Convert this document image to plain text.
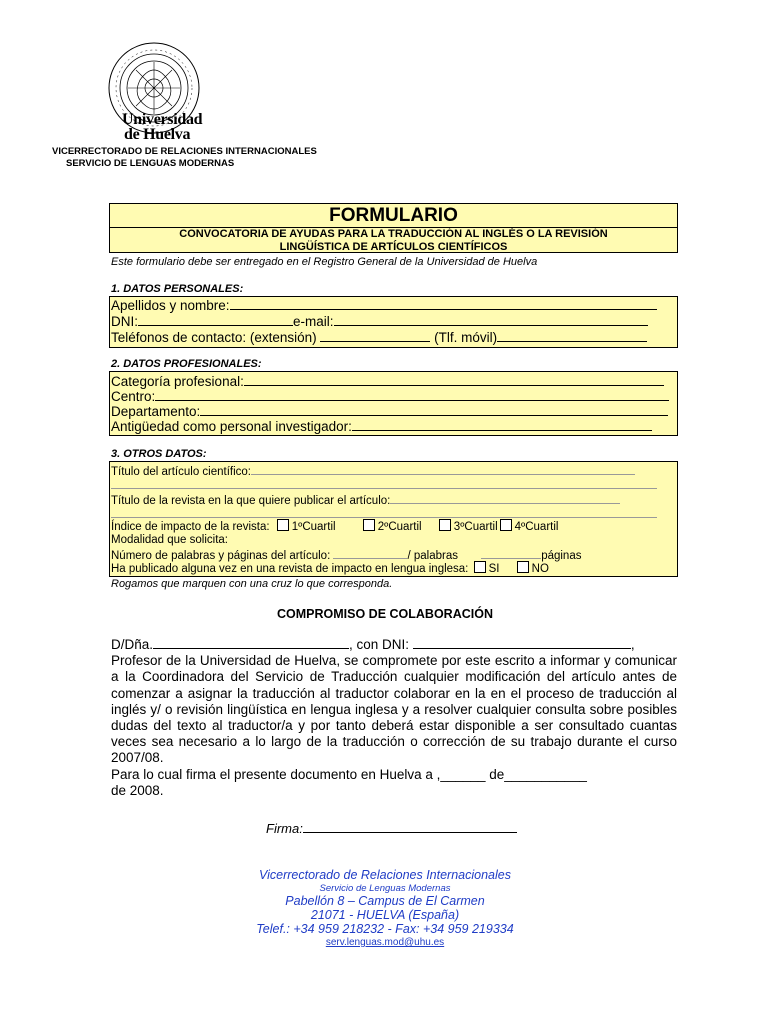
Universidad
de Huelva
VICERRECTORADO DE RELACIONES INTERNACIONALES
SERVICIO DE LENGUAS MODERNAS
FORMULARIO
CONVOCATORIA DE AYUDAS PARA LA TRADUCCIÓN AL INGLÉS O LA REVISIÓN
LINGÜÍSTICA DE ARTÍCULOS CIENTÍFICOS
Este formulario debe ser entregado en el Registro General de la Universidad de Huelva
1. DATOS PERSONALES:
Apellidos y nombre:
DNI:	e-mail:
Teléfonos de contacto: (extensión)	(Tlf. móvil)
2. DATOS PROFESIONALES:
Categoría profesional:
Centro:
Departamento:
Antigüedad como personal investigador:
3. OTROS DATOS:
Título del artículo científico:
Título de la revista en la que quiere publicar el artículo:
Índice de impacto de la revista: 1ºCuartil	2ºCuartil	3ºCuartil 4ºCuartil
Modalidad que solicita:
Número de palabras y páginas del artículo:	/ palabras	páginas
Ha publicado alguna vez en una revista de impacto en lengua inglesa: SI	NO
Rogamos que marquen con una cruz lo que corresponda.
COMPROMISO DE COLABORACIÓN

D/Dña.	, con DNI:	,

Profesor de la Universidad de Huelva, se compromete por este escrito a informar y comunicar a la Coordinadora del Servicio de Traducción cualquier modificación del artículo antes de comenzar a asignar la traducción al traductor colaborar en la en el proceso de traducción al inglés y/ o revisión lingüística en lengua inglesa y a resolver cualquier consulta sobre posibles dudas del texto al traductor/a y por tanto deberá estar disponible a ser consultado cuantas veces sea necesario a lo largo de la traducción o corrección de su trabajo durante el curso 2007/08.

Para lo cual firma el presente documento en Huelva a ,______ de___________

de 2008.

Firma:
Vicerrectorado de Relaciones Internacionales
Servicio de Lenguas Modernas
Pabellón 8 – Campus de El Carmen
21071 - HUELVA (España)
Telef.: +34 959 218232 - Fax: +34 959 219334
serv.lenguas.mod@uhu.es
